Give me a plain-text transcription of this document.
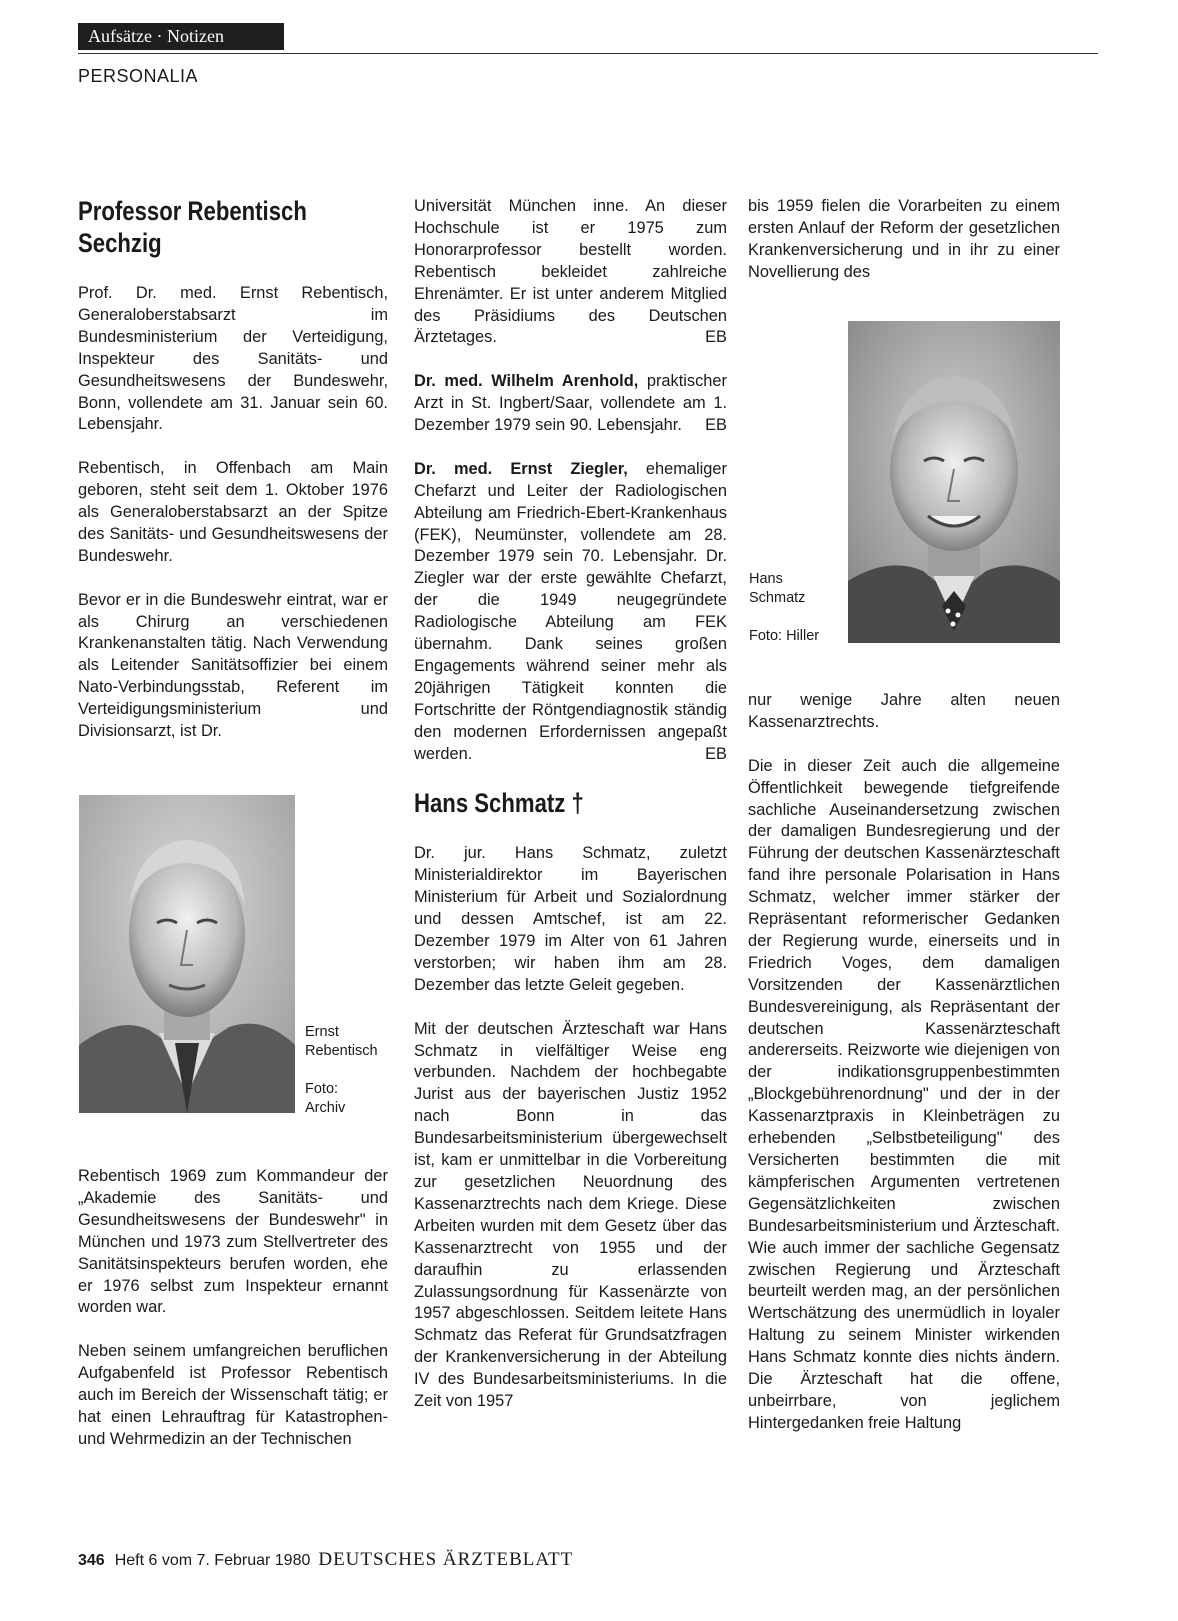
Aufsätze · Notizen
PERSONALIA
Professor Rebentisch
Sechzig

Prof. Dr. med. Ernst Rebentisch, Generaloberstabsarzt im Bundesministerium der Verteidigung, Inspekteur des Sanitäts- und Gesundheitswesens der Bundeswehr, Bonn, vollendete am 31. Januar sein 60. Lebensjahr.

Rebentisch, in Offenbach am Main geboren, steht seit dem 1. Oktober 1976 als Generaloberstabsarzt an der Spitze des Sanitäts- und Gesundheitswesens der Bundeswehr.

Bevor er in die Bundeswehr eintrat, war er als Chirurg an verschiedenen Krankenanstalten tätig. Nach Verwendung als Leitender Sanitätsoffizier bei einem Nato-Verbindungsstab, Referent im Verteidigungsministerium und Divisionsarzt, ist Dr.

Ernst
Rebentisch
Foto:
Archiv

Rebentisch 1969 zum Kommandeur der „Akademie des Sanitäts- und Gesundheitswesens der Bundeswehr" in München und 1973 zum Stellvertreter des Sanitätsinspekteurs berufen worden, ehe er 1976 selbst zum Inspekteur ernannt worden war.

Neben seinem umfangreichen beruflichen Aufgabenfeld ist Professor Rebentisch auch im Bereich der Wissenschaft tätig; er hat einen Lehrauftrag für Katastrophen- und Wehrmedizin an der Technischen

Universität München inne. An dieser Hochschule ist er 1975 zum Honorarprofessor bestellt worden. Rebentisch bekleidet zahlreiche Ehrenämter. Er ist unter anderem Mitglied des Präsidiums des Deutschen Ärztetages.	EB

Dr. med. Wilhelm Arenhold, praktischer Arzt in St. Ingbert/Saar, vollendete am 1. Dezember 1979 sein 90. Lebensjahr. EB

Dr. med. Ernst Ziegler, ehemaliger Chefarzt und Leiter der Radiologischen Abteilung am Friedrich-Ebert-Krankenhaus (FEK), Neumünster, vollendete am 28. Dezember 1979 sein 70. Lebensjahr. Dr. Ziegler war der erste gewählte Chefarzt, der die 1949 neugegründete Radiologische Abteilung am FEK übernahm. Dank seines großen Engagements während seiner mehr als 20jährigen Tätigkeit konnten die Fortschritte der Röntgendiagnostik ständig den modernen Erfordernissen angepaßt werden.	EB

Hans Schmatz †

Dr. jur. Hans Schmatz, zuletzt Ministerialdirektor im Bayerischen Ministerium für Arbeit und Sozialordnung und dessen Amtschef, ist am 22. Dezember 1979 im Alter von 61 Jahren verstorben; wir haben ihm am 28. Dezember das letzte Geleit gegeben.

Mit der deutschen Ärzteschaft war Hans Schmatz in vielfältiger Weise eng verbunden. Nachdem der hochbegabte Jurist aus der bayerischen Justiz 1952 nach Bonn in das Bundesarbeitsministerium übergewechselt ist, kam er unmittelbar in die Vorbereitung zur gesetzlichen Neuordnung des Kassenarztrechts nach dem Kriege. Diese Arbeiten wurden mit dem Gesetz über das Kassenarztrecht von 1955 und der daraufhin zu erlassenden Zulassungsordnung für Kassenärzte von 1957 abgeschlossen. Seitdem leitete Hans Schmatz das Referat für Grundsatzfragen der Krankenversicherung in der Abteilung IV des Bundesarbeitsministeriums. In die Zeit von 1957

bis 1959 fielen die Vorarbeiten zu einem ersten Anlauf der Reform der gesetzlichen Krankenversicherung und in ihr zu einer Novellierung des

Hans
Schmatz
Foto: Hiller

nur wenige Jahre alten neuen Kassenarztrechts.

Die in dieser Zeit auch die allgemeine Öffentlichkeit bewegende tiefgreifende sachliche Auseinandersetzung zwischen der damaligen Bundesregierung und der Führung der deutschen Kassenärzteschaft fand ihre personale Polarisation in Hans Schmatz, welcher immer stärker der Repräsentant reformerischer Gedanken der Regierung wurde, einerseits und in Friedrich Voges, dem damaligen Vorsitzenden der Kassenärztlichen Bundesvereinigung, als Repräsentant der deutschen Kassenärzteschaft andererseits. Reizworte wie diejenigen von der indikationsgruppenbestimmten „Blockgebührenordnung" und der in der Kassenarztpraxis in Kleinbeträgen zu erhebenden „Selbstbeteiligung" des Versicherten bestimmten die mit kämpferischen Argumenten vertretenen Gegensätzlichkeiten zwischen Bundesarbeitsministerium und Ärzteschaft. Wie auch immer der sachliche Gegensatz zwischen Regierung und Ärzteschaft beurteilt werden mag, an der persönlichen Wertschätzung des unermüdlich in loyaler Haltung zu seinem Minister wirkenden Hans Schmatz konnte dies nichts ändern. Die Ärzteschaft hat die offene, unbeirrbare, von jeglichem Hintergedanken freie Haltung

346 Heft 6 vom 7. Februar 1980 DEUTSCHES ÄRZTEBLATT
